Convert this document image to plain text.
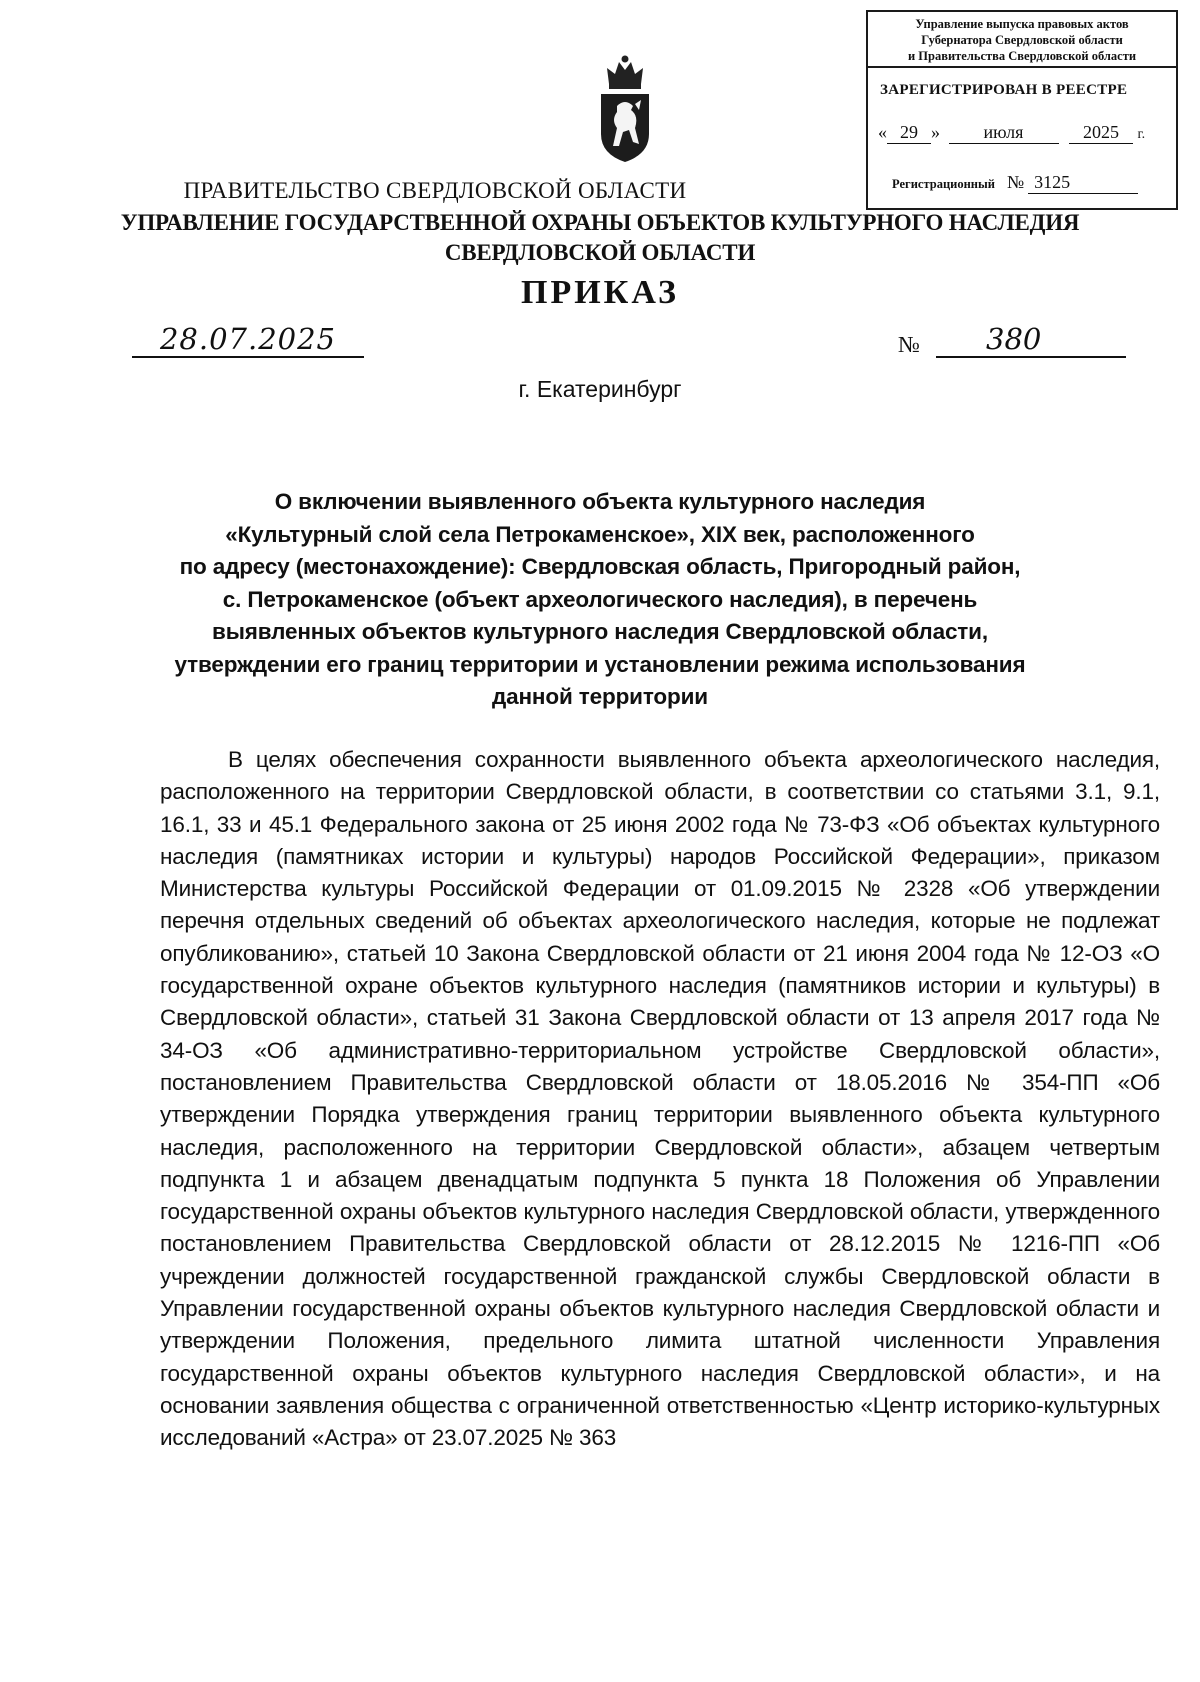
Управление выпуска правовых актов
Губернатора Свердловской области
и Правительства Свердловской области
ЗАРЕГИСТРИРОВАН В РЕЕСТРЕ
« 29 » июля	2025 г.
Регистрационный № 3125
ПРАВИТЕЛЬСТВО СВЕРДЛОВСКОЙ ОБЛАСТИ
УПРАВЛЕНИЕ ГОСУДАРСТВЕННОЙ ОХРАНЫ ОБЪЕКТОВ КУЛЬТУРНОГО НАСЛЕДИЯ
СВЕРДЛОВСКОЙ ОБЛАСТИ
ПРИКАЗ
28.07.2025	№	380
г. Екатеринбург
О включении выявленного объекта культурного наследия
«Культурный слой села Петрокаменское», XIX век, расположенного
по адресу (местонахождение): Свердловская область, Пригородный район,
с. Петрокаменское (объект археологического наследия), в перечень
выявленных объектов культурного наследия Свердловской области,
утверждении его границ территории и установлении режима использования
данной территории
В целях обеспечения сохранности выявленного объекта археологического наследия, расположенного на территории Свердловской области, в соответствии со статьями 3.1, 9.1, 16.1, 33 и 45.1 Федерального закона от 25 июня 2002 года № 73-ФЗ «Об объектах культурного наследия (памятниках истории и культуры) народов Российской Федерации», приказом Министерства культуры Российской Федерации от 01.09.2015 № 2328 «Об утверждении перечня отдельных сведений об объектах археологического наследия, которые не подлежат опубликованию», статьей 10 Закона Свердловской области от 21 июня 2004 года № 12-ОЗ «О государственной охране объектов культурного наследия (памятников истории и культуры) в Свердловской области», статьей 31 Закона Свердловской области от 13 апреля 2017 года № 34-ОЗ «Об административно-территориальном устройстве Свердловской области», постановлением Правительства Свердловской области от 18.05.2016 № 354-ПП «Об утверждении Порядка утверждения границ территории выявленного объекта культурного наследия, расположенного на территории Свердловской области», абзацем четвертым подпункта 1 и абзацем двенадцатым подпункта 5 пункта 18 Положения об Управлении государственной охраны объектов культурного наследия Свердловской области, утвержденного постановлением Правительства Свердловской области от 28.12.2015 № 1216-ПП «Об учреждении должностей государственной гражданской службы Свердловской области в Управлении государственной охраны объектов культурного наследия Свердловской области и утверждении Положения, предельного лимита штатной численности Управления государственной охраны объектов культурного наследия Свердловской области», и на основании заявления общества с ограниченной ответственностью «Центр историко-культурных исследований «Астра» от 23.07.2025 № 363
